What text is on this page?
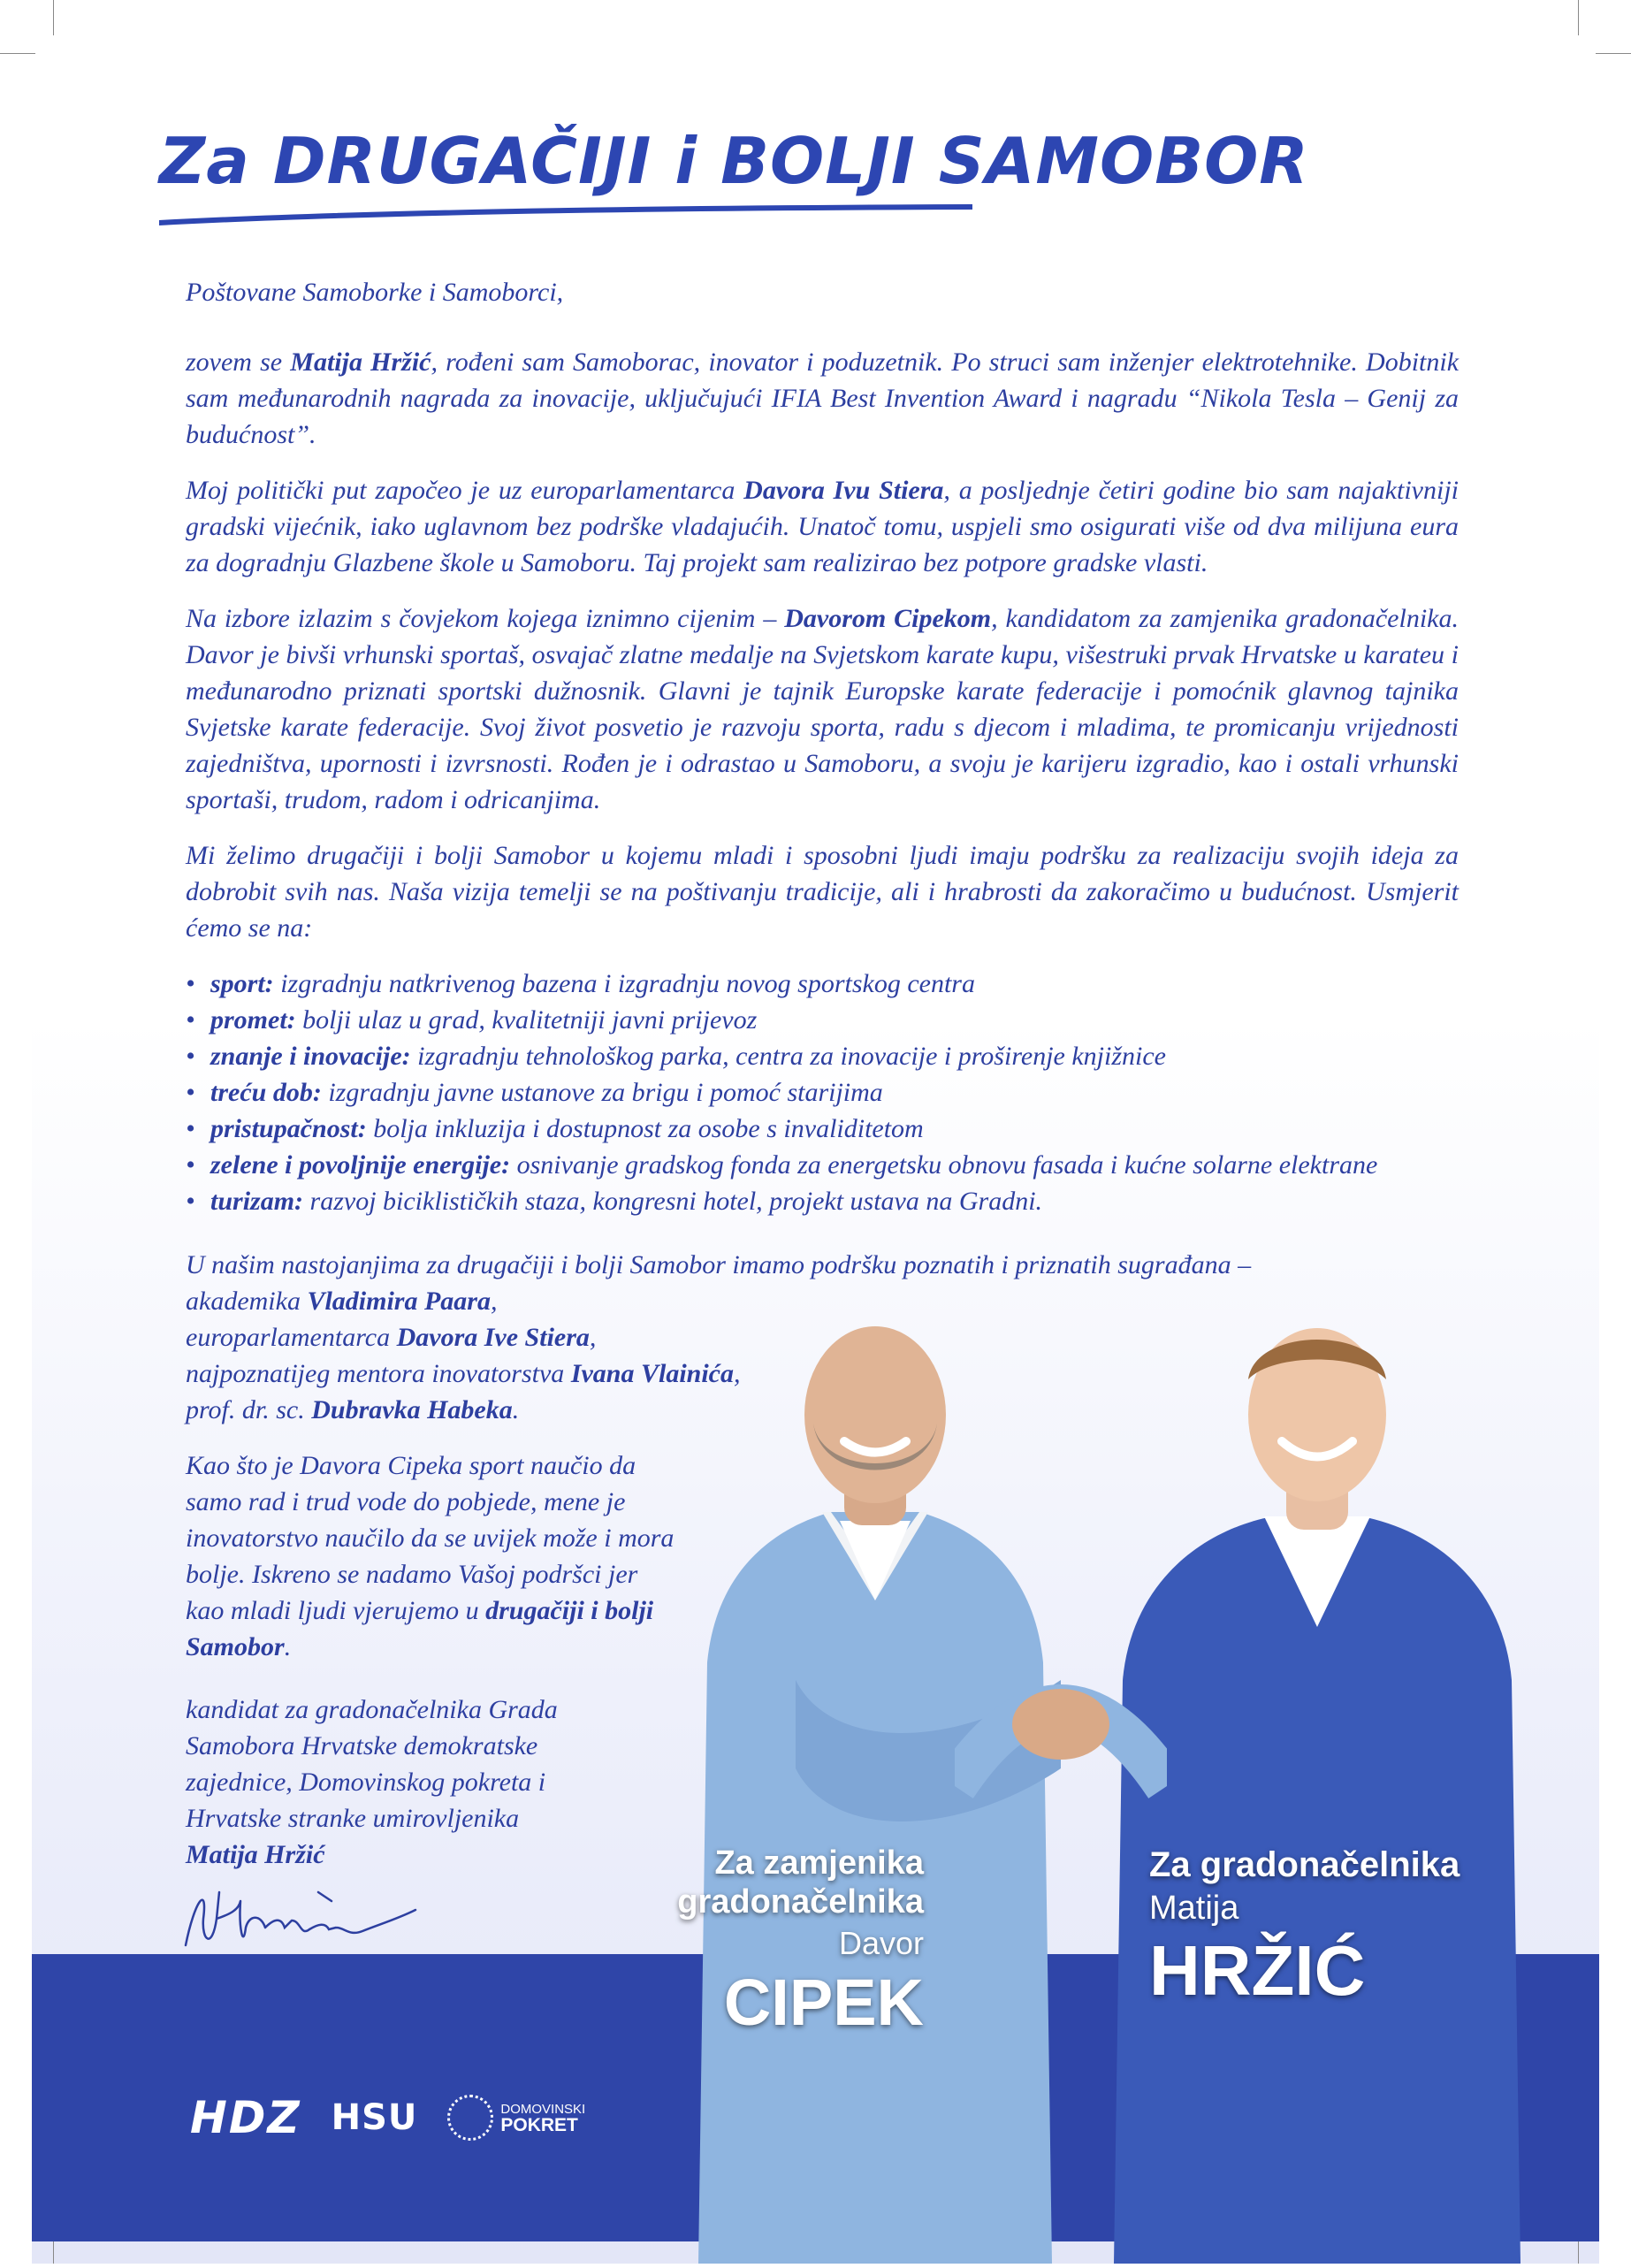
Za DRUGAČIJI i BOLJI SAMOBOR

Poštovane Samoborke i Samoborci,

zovem se Matija Hržić, rođeni sam Samoborac, inovator i poduzetnik. Po struci sam inženjer elektrotehnike. Dobitnik sam međunarodnih nagrada za inovacije, uključujući IFIA Best Invention Award i nagradu “Nikola Tesla – Genij za budućnost”.

Moj politički put započeo je uz europarlamentarca Davora Ivu Stiera, a posljednje četiri godine bio sam najaktivniji gradski vijećnik, iako uglavnom bez podrške vladajućih. Unatoč tomu, uspjeli smo osigurati više od dva milijuna eura za dogradnju Glazbene škole u Samoboru. Taj projekt sam realizirao bez potpore gradske vlasti.

Na izbore izlazim s čovjekom kojega iznimno cijenim – Davorom Cipekom, kandidatom za zamjenika gradonačelnika. Davor je bivši vrhunski sportaš, osvajač zlatne medalje na Svjetskom karate kupu, višestruki prvak Hrvatske u karateu i međunarodno priznati sportski dužnosnik. Glavni je tajnik Europske karate federacije i pomoćnik glavnog tajnika Svjetske karate federacije. Svoj život posvetio je razvoju sporta, radu s djecom i mladima, te promicanju vrijednosti zajedništva, upornosti i izvrsnosti. Rođen je i odrastao u Samoboru, a svoju je karijeru izgradio, kao i ostali vrhunski sportaši, trudom, radom i odricanjima.

Mi želimo drugačiji i bolji Samobor u kojemu mladi i sposobni ljudi imaju podršku za realizaciju svojih ideja za dobrobit svih nas. Naša vizija temelji se na poštivanju tradicije, ali i hrabrosti da zakoračimo u budućnost. Usmjerit ćemo se na:

• sport: izgradnju natkrivenog bazena i izgradnju novog sportskog centra
• promet: bolji ulaz u grad, kvalitetniji javni prijevoz
• znanje i inovacije: izgradnju tehnološkog parka, centra za inovacije i proširenje knjižnice
• treću dob: izgradnju javne ustanove za brigu i pomoć starijima
• pristupačnost: bolja inkluzija i dostupnost za osobe s invaliditetom
• zelene i povoljnije energije: osnivanje gradskog fonda za energetsku obnovu fasada i kućne solarne elektrane
• turizam: razvoj biciklističkih staza, kongresni hotel, projekt ustava na Gradni.

U našim nastojanjima za drugačiji i bolji Samobor imamo podršku poznatih i priznatih sugrađana –
akademika Vladimira Paara,
europarlamentarca Davora Ive Stiera,
najpoznatijeg mentora inovatorstva Ivana Vlainića,
prof. dr. sc. Dubravka Habeka.

Kao što je Davora Cipeka sport naučio da samo rad i trud vode do pobjede, mene je inovatorstvo naučilo da se uvijek može i mora bolje. Iskreno se nadamo Vašoj podršci jer kao mladi ljudi vjerujemo u drugačiji i bolji Samobor.

kandidat za gradonačelnika Grada Samobora Hrvatske demokratske zajednice, Domovinskog pokreta i Hrvatske stranke umirovljenika
Matija Hržić	Za zamjenika
gradonačelnika
Davor
CIPEK
Za gradonačelnika
Matija
HRŽIĆ
HDZ HSU	DOMOVINSKI
POKRET
